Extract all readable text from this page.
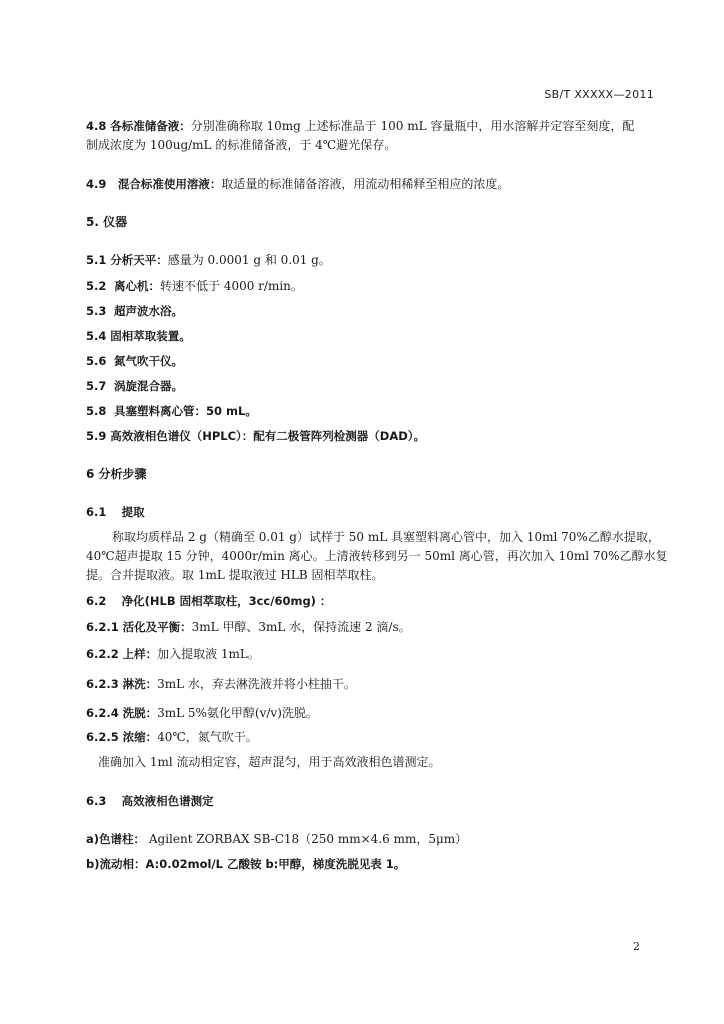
SB/T XXXXX—2011
4.8 各标准储备液：分别准确称取 10mg 上述标准品于 100 mL 容量瓶中，用水溶解并定容至刻度，配
制成浓度为 100ug/mL 的标准储备液，于 4℃避光保存。
4.9 混合标准使用溶液：取适量的标准储备溶液，用流动相稀释至相应的浓度。
5. 仪器
5.1 分析天平：感量为 0.0001 g 和 0.01 g。
5.2 离心机：转速不低于 4000 r/min。
5.3 超声波水浴。
5.4 固相萃取装置。
5.6 氮气吹干仪。
5.7 涡旋混合器。
5.8 具塞塑料离心管：50 mL。
5.9 高效液相色谱仪（HPLC）：配有二极管阵列检测器（DAD）。
6 分析步骤
6.1 提取
称取均质样品 2 g（精确至 0.01 g）试样于 50 mL 具塞塑料离心管中，加入 10ml 70%乙醇水提取，
40℃超声提取 15 分钟，4000r/min 离心。上清液转移到另一 50ml 离心管，再次加入 10ml 70%乙醇水复
提。合并提取液。取 1mL 提取液过 HLB 固相萃取柱。
6.2 净化(HLB 固相萃取柱，3cc/60mg) ：
6.2.1 活化及平衡：3mL 甲醇、3mL 水，保持流速 2 滴/s。
6.2.2 上样：加入提取液 1mL。
6.2.3 淋洗：3mL 水，弃去淋洗液并将小柱抽干。
6.2.4 洗脱：3mL 5%氨化甲醇(v/v)洗脱。
6.2.5 浓缩：40℃，氮气吹干。
准确加入 1ml 流动相定容，超声混匀，用于高效液相色谱测定。
6.3 高效液相色谱测定
a)色谱柱： Agilent ZORBAX SB-C18（250 mm×4.6 mm，5μm）
b)流动相：A:0.02mol/L 乙酸铵 b:甲醇，梯度洗脱见表 1。
2
